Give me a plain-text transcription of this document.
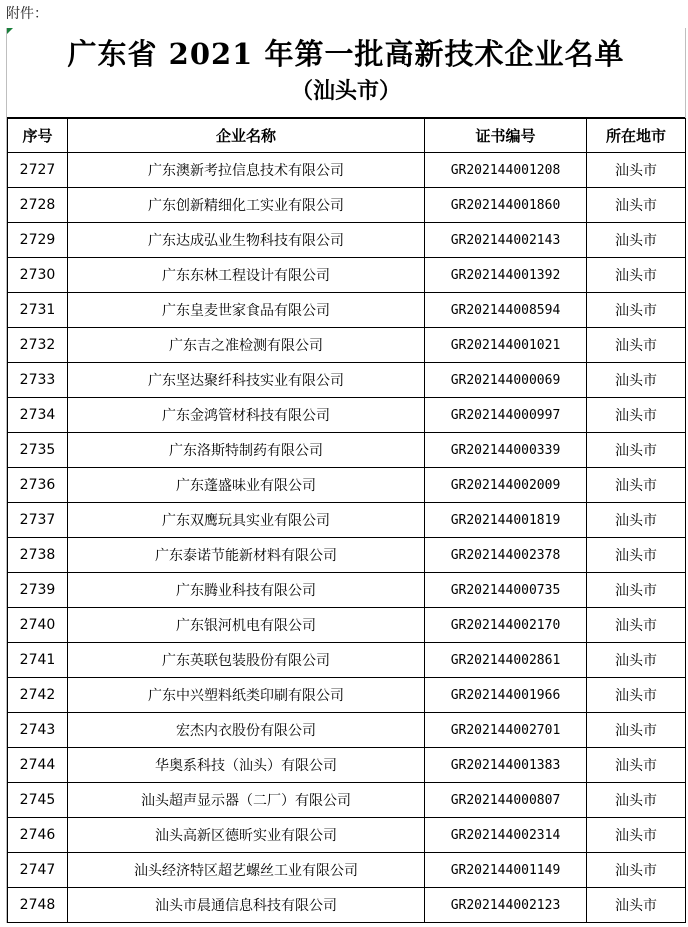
附件：
广东省 2021 年第一批高新技术企业名单
（汕头市）
序号	企业名称	证书编号	所在地市
2727	广东澳新考拉信息技术有限公司	GR202144001208	汕头市
2728	广东创新精细化工实业有限公司	GR202144001860	汕头市
2729	广东达成弘业生物科技有限公司	GR202144002143	汕头市
2730	广东东林工程设计有限公司	GR202144001392	汕头市
2731	广东皇麦世家食品有限公司	GR202144008594	汕头市
2732	广东吉之准检测有限公司	GR202144001021	汕头市
2733	广东坚达聚纤科技实业有限公司	GR202144000069	汕头市
2734	广东金鸿管材科技有限公司	GR202144000997	汕头市
2735	广东洛斯特制药有限公司	GR202144000339	汕头市
2736	广东蓬盛味业有限公司	GR202144002009	汕头市
2737	广东双鹰玩具实业有限公司	GR202144001819	汕头市
2738	广东泰诺节能新材料有限公司	GR202144002378	汕头市
2739	广东腾业科技有限公司	GR202144000735	汕头市
2740	广东银河机电有限公司	GR202144002170	汕头市
2741	广东英联包装股份有限公司	GR202144002861	汕头市
2742	广东中兴塑料纸类印刷有限公司	GR202144001966	汕头市
2743	宏杰内衣股份有限公司	GR202144002701	汕头市
2744	华奥系科技（汕头）有限公司	GR202144001383	汕头市
2745	汕头超声显示器（二厂）有限公司	GR202144000807	汕头市
2746	汕头高新区德昕实业有限公司	GR202144002314	汕头市
2747	汕头经济特区超艺螺丝工业有限公司	GR202144001149	汕头市
2748	汕头市晨通信息科技有限公司	GR202144002123	汕头市
